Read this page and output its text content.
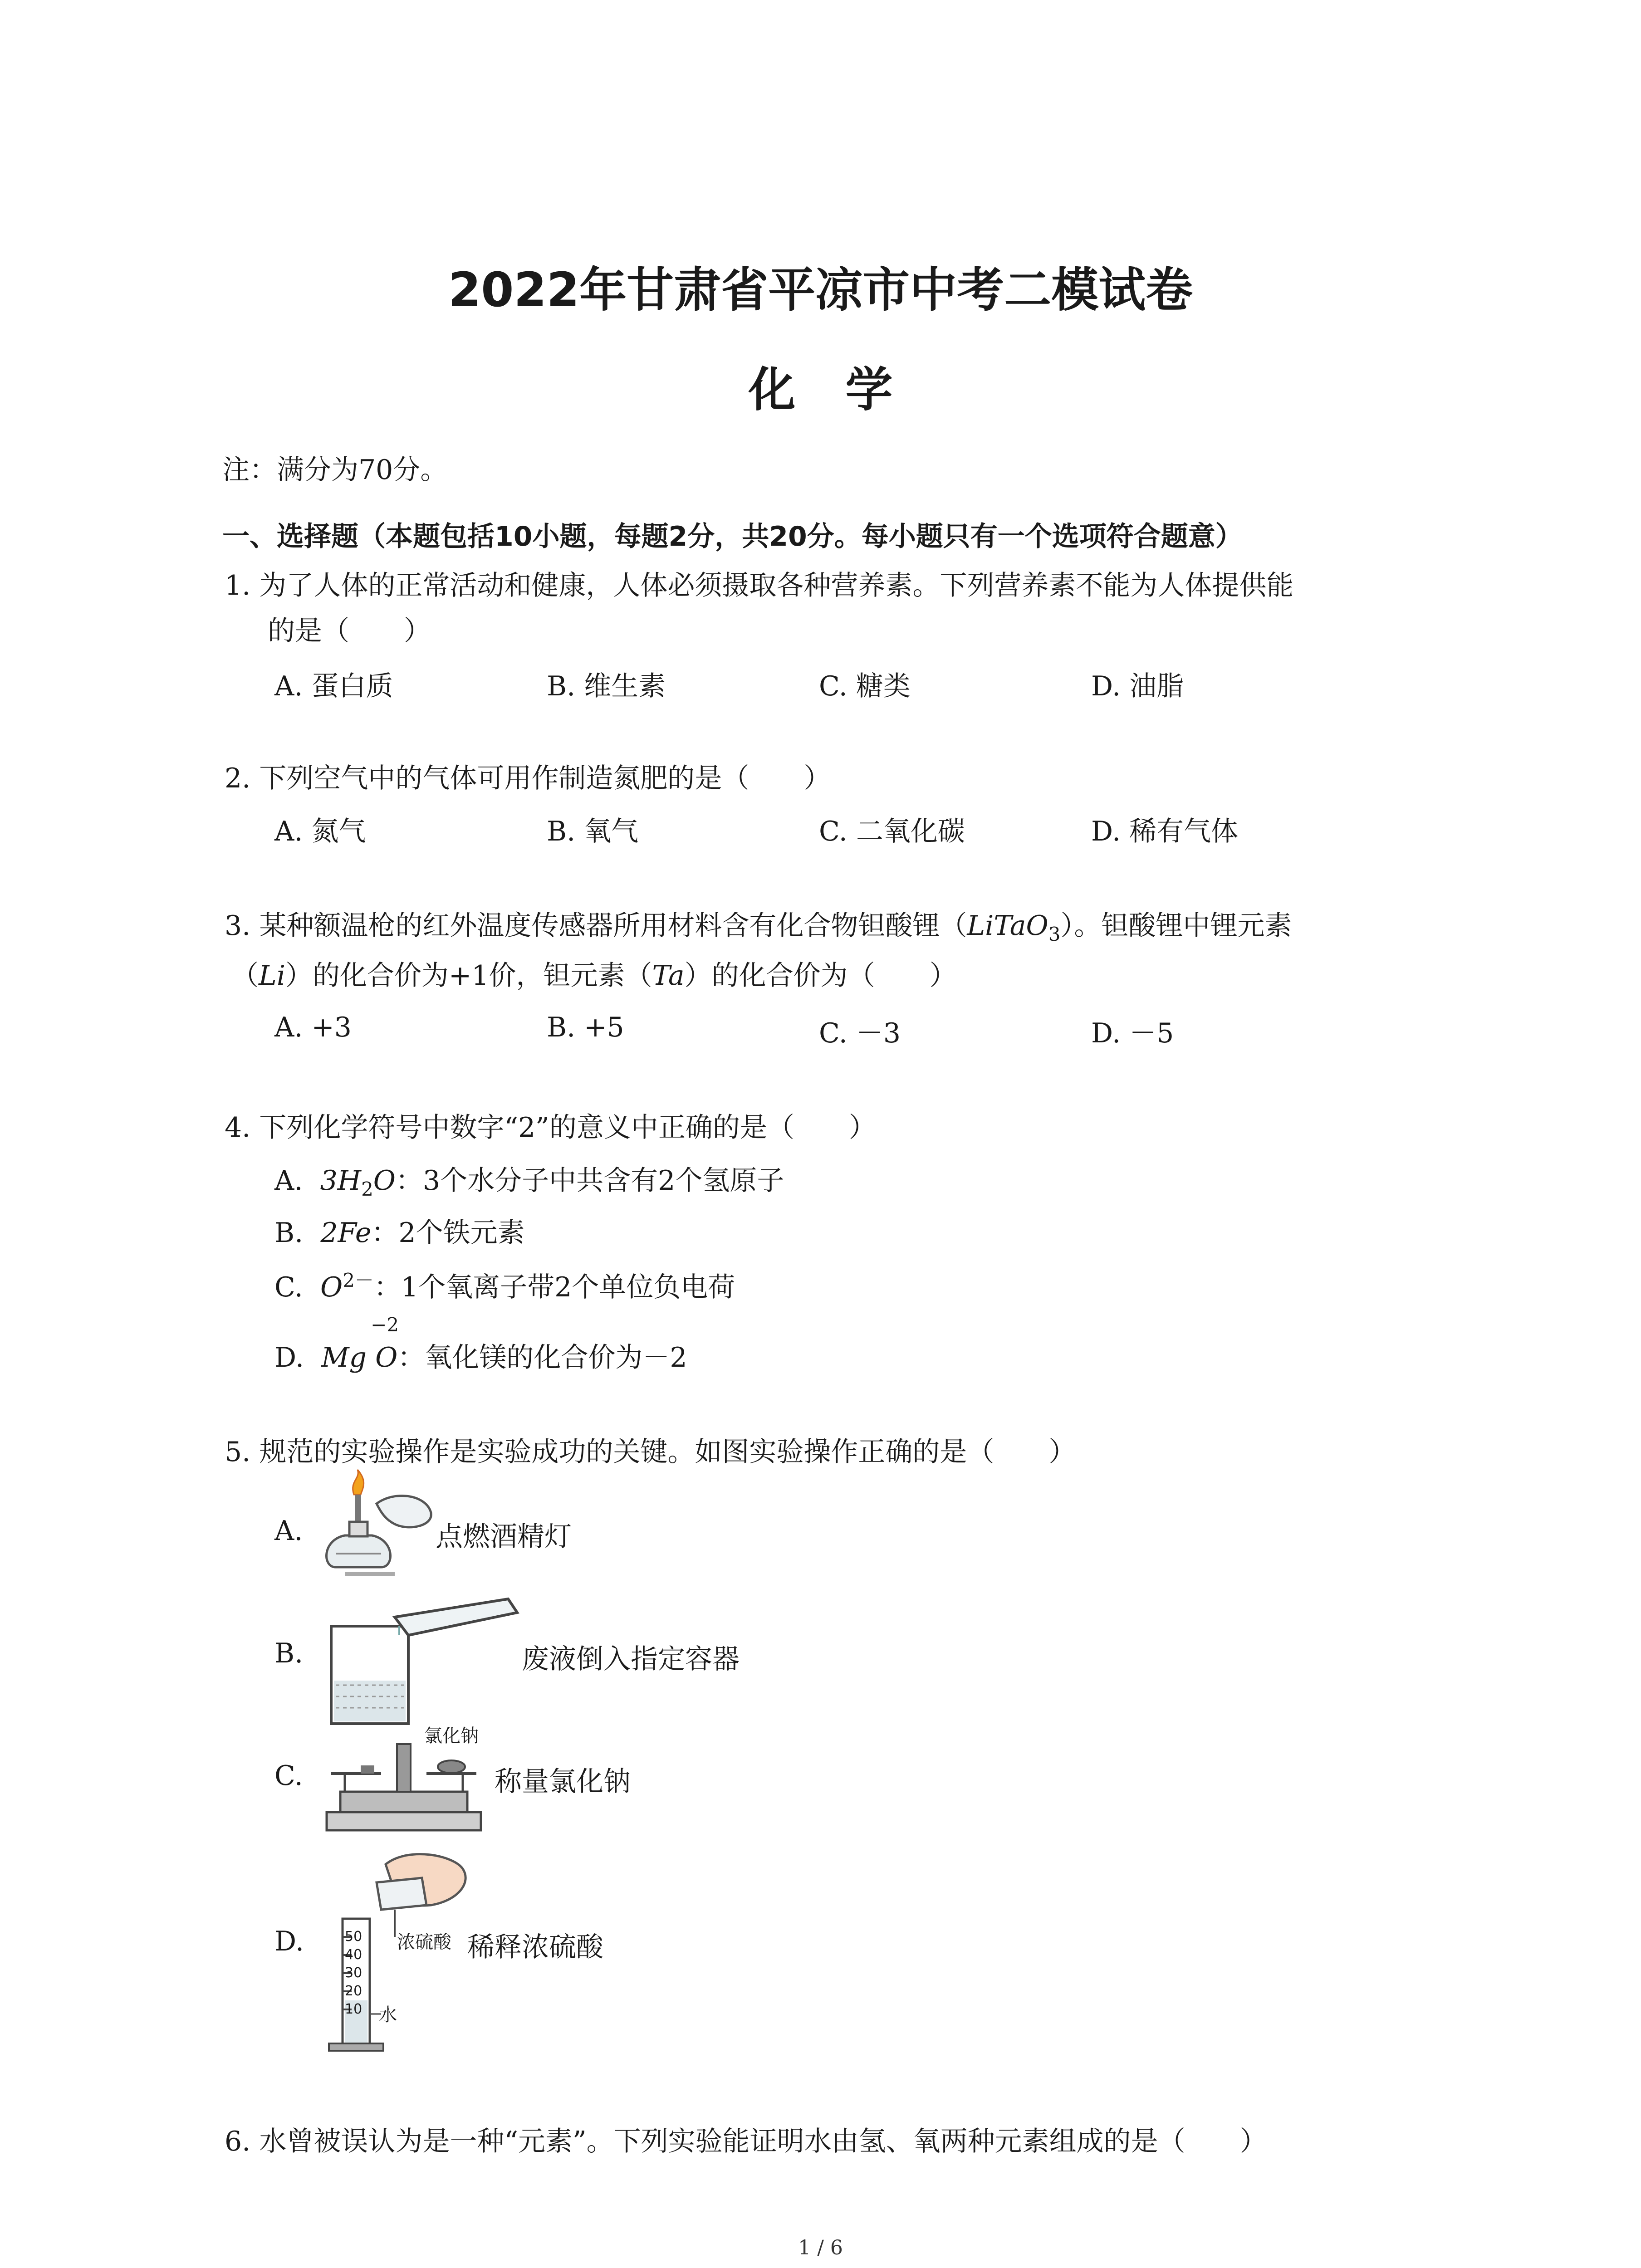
2022年甘肃省平凉市中考二模试卷
化学
注：满分为70分。
一、选择题（本题包括10小题，每题2分，共20分。每小题只有一个选项符合题意）
1. 为了人体的正常活动和健康，人体必须摄取各种营养素。下列营养素不能为人体提供能
的是（　　）
A. 蛋白质	B. 维生素	C. 糖类	D. 油脂
2. 下列空气中的气体可用作制造氮肥的是（　　）
A. 氮气	B. 氧气	C. 二氧化碳	D. 稀有气体
3. 某种额温枪的红外温度传感器所用材料含有化合物钽酸锂（LiTaO$_3$）。钽酸锂中锂元素
（Li）的化合价为+1价，钽元素（Ta）的化合价为（　　）
A. +3	B. +5	C. －3	D. －5
4. 下列化学符号中数字“2”的意义中正确的是（　　）
A. $3H_2O$：3个水分子中共含有2个氢原子
B. 2Fe：2个铁元素
C. $O^{2-}$：1个氧离子带2个单位负电荷
D. Mg O
−2
：氧化镁的化合价为－2
5. 规范的实验操作是实验成功的关键。如图实验操作正确的是（　　）
A.	点燃酒精灯
B.	废液倒入指定容器
C.
氯化钠
称量氯化钠
D.	50
40
30
20
10
浓硫酸
水
稀释浓硫酸
6. 水曾被误认为是一种“元素”。下列实验能证明水由氢、氧两种元素组成的是（　　）
1 / 6
